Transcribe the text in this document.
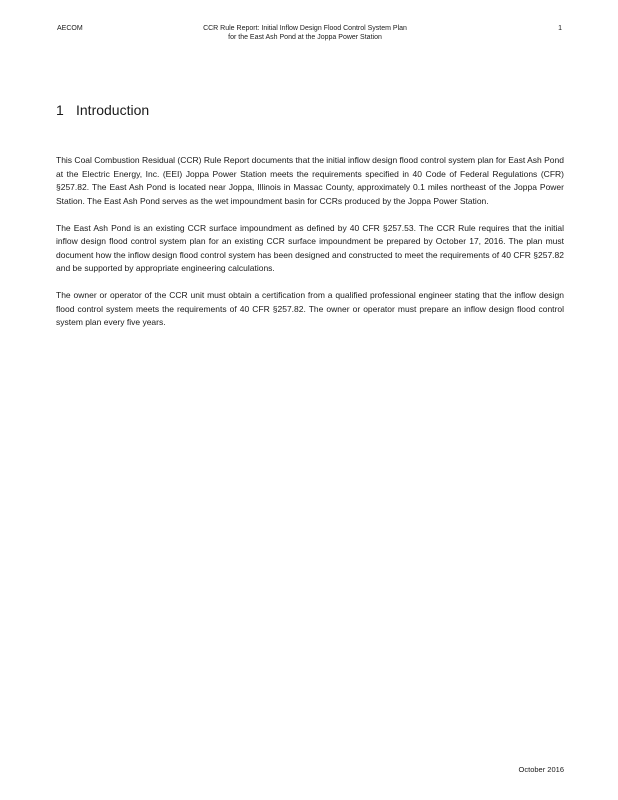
AECOM	CCR Rule Report: Initial Inflow Design Flood Control System Plan
for the East Ash Pond at the Joppa Power Station
1
1 Introduction

This Coal Combustion Residual (CCR) Rule Report documents that the initial inflow design flood control system plan for East Ash Pond at the Electric Energy, Inc. (EEI) Joppa Power Station meets the requirements specified in 40 Code of Federal Regulations (CFR) §257.82. The East Ash Pond is located near Joppa, Illinois in Massac County, approximately 0.1 miles northeast of the Joppa Power Station. The East Ash Pond serves as the wet impoundment basin for CCRs produced by the Joppa Power Station.

The East Ash Pond is an existing CCR surface impoundment as defined by 40 CFR §257.53. The CCR Rule requires that the initial inflow design flood control system plan for an existing CCR surface impoundment be prepared by October 17, 2016. The plan must document how the inflow design flood control system has been designed and constructed to meet the requirements of 40 CFR §257.82 and be supported by appropriate engineering calculations.

The owner or operator of the CCR unit must obtain a certification from a qualified professional engineer stating that the inflow design flood control system meets the requirements of 40 CFR §257.82. The owner or operator must prepare an inflow design flood control system plan every five years.

October 2016
